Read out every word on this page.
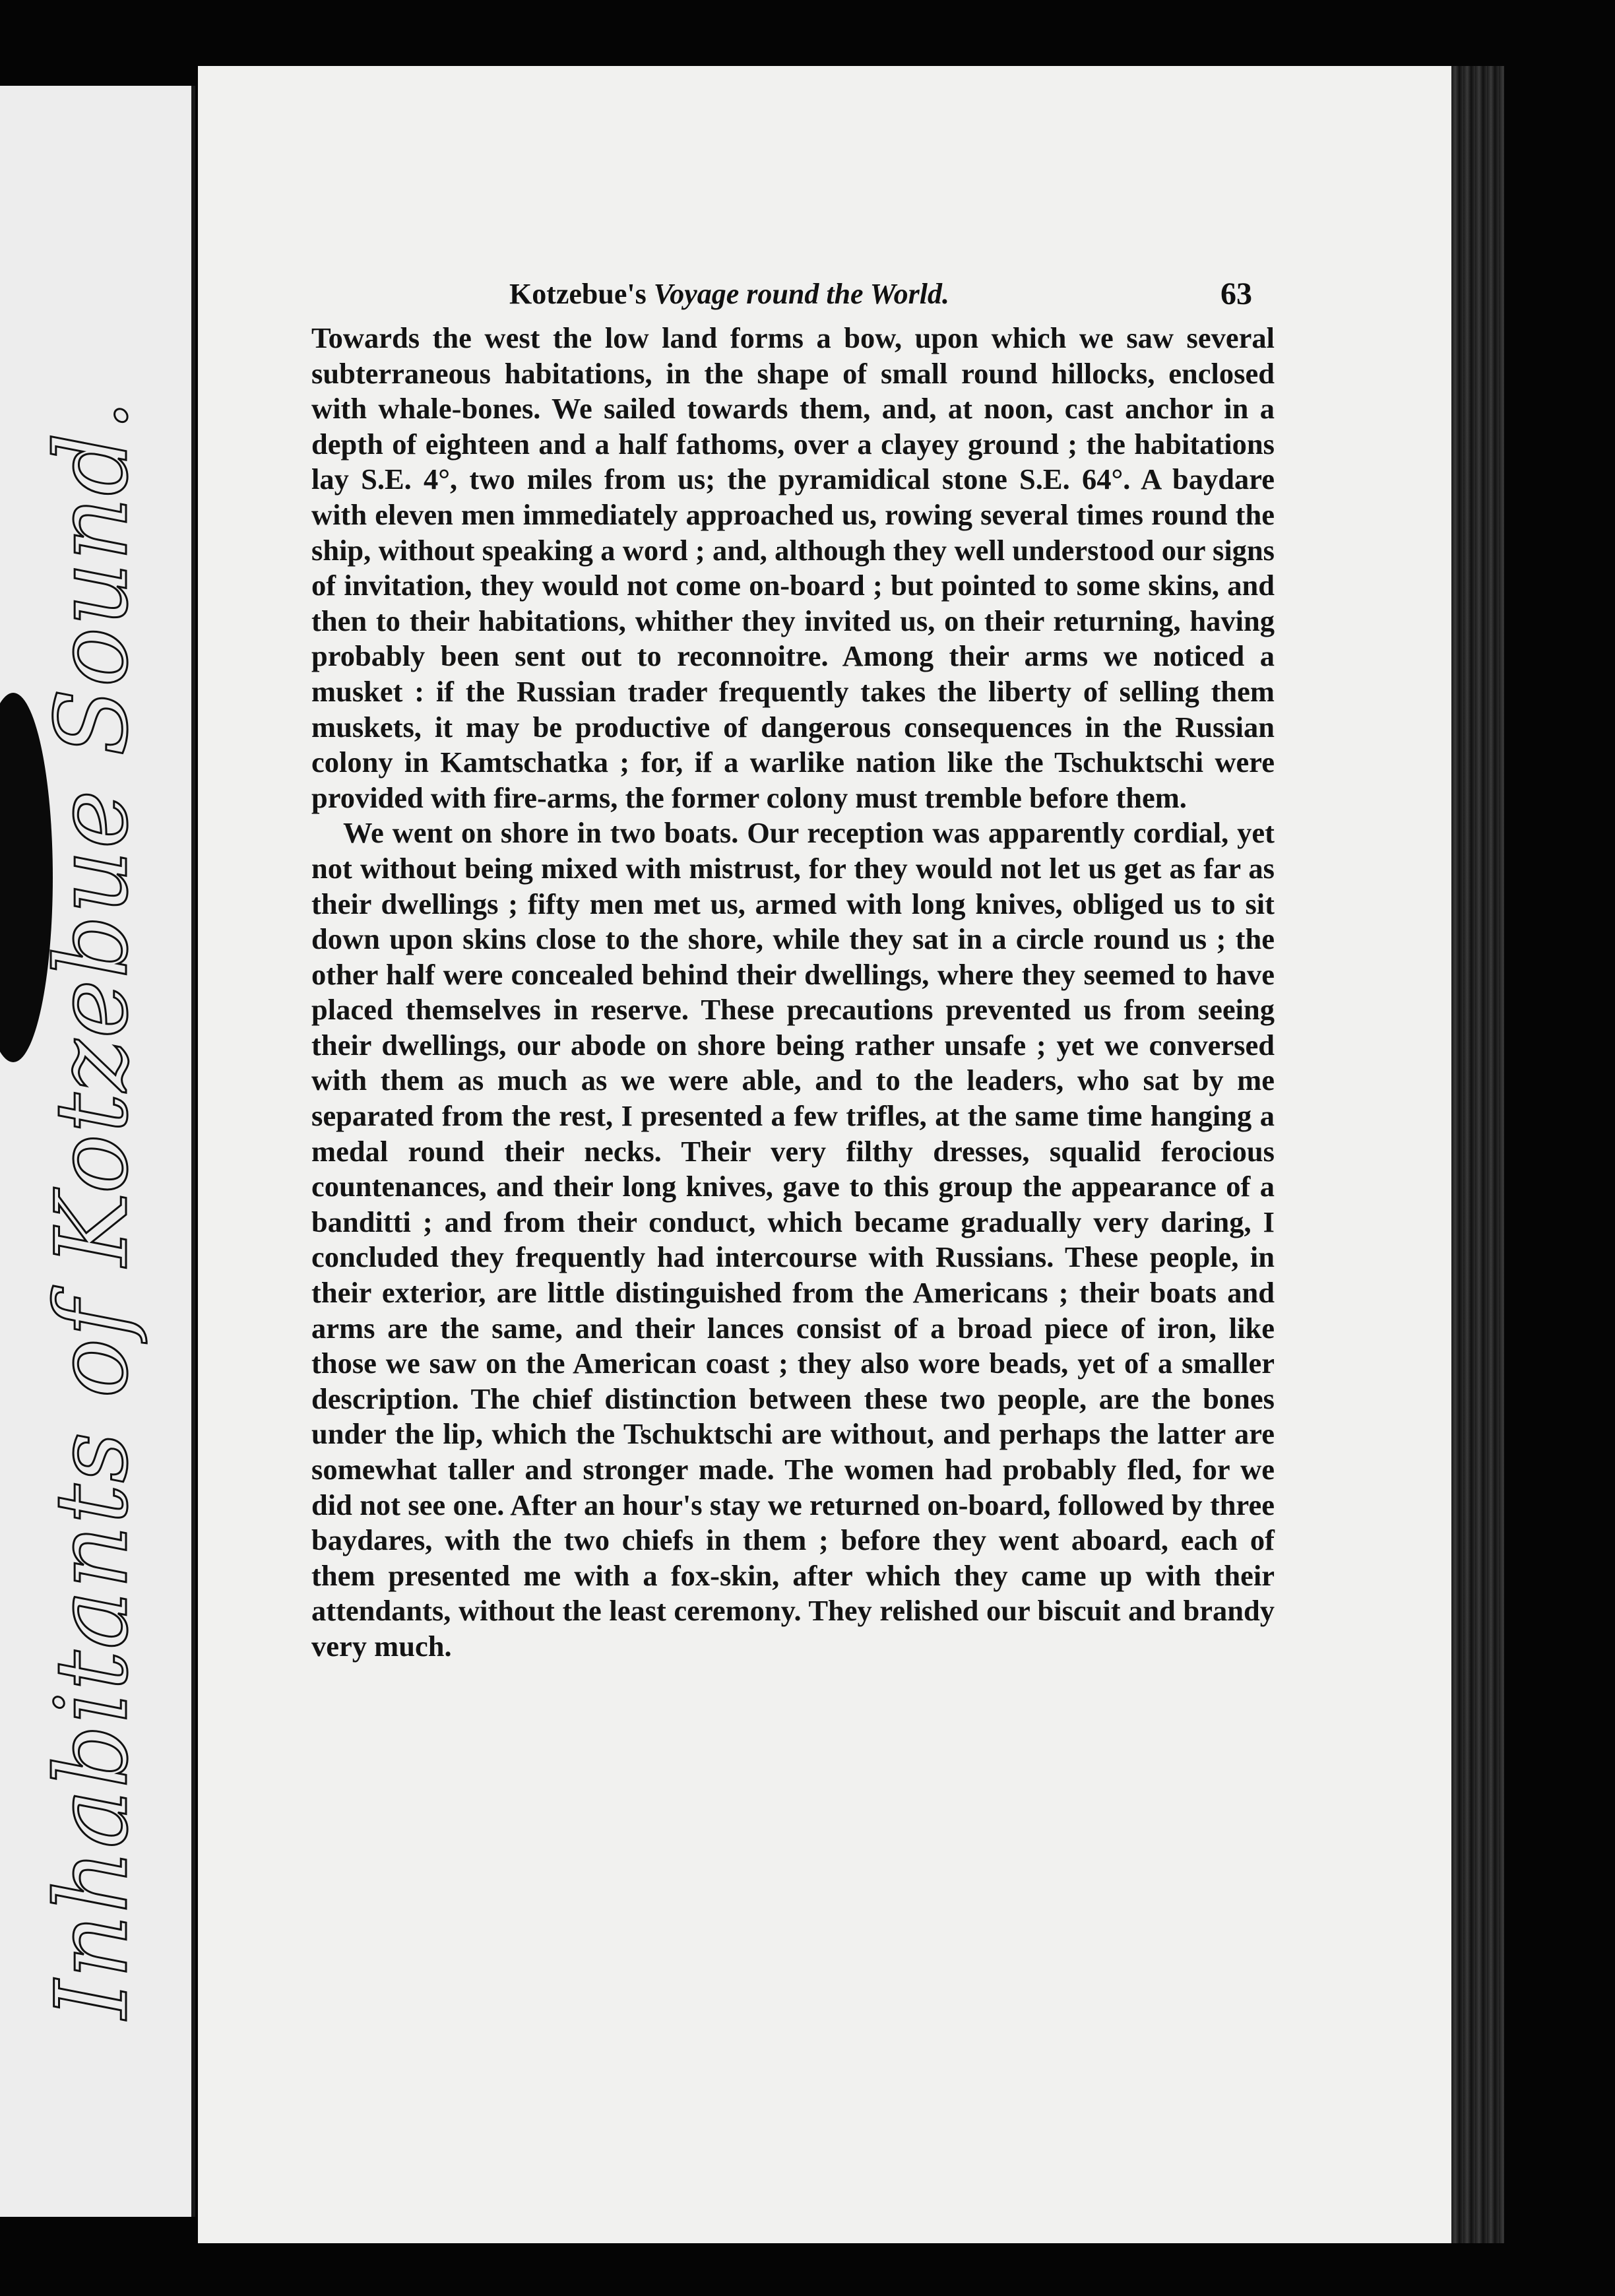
Inhabitants of Kotzebue Sound.
Kotzebue's Voyage round the World.	63

Towards the west the low land forms a bow, upon which we saw several subterraneous habitations, in the shape of small round hillocks, enclosed with whale-bones. We sailed towards them, and, at noon, cast anchor in a depth of eighteen and a half fathoms, over a clayey ground ; the habitations lay S.E. 4°, two miles from us; the pyramidical stone S.E. 64°. A baydare with eleven men immediately approached us, rowing several times round the ship, without speaking a word ; and, although they well understood our signs of invitation, they would not come on-board ; but pointed to some skins, and then to their habitations, whither they invited us, on their returning, having probably been sent out to reconnoitre. Among their arms we noticed a musket : if the Russian trader frequently takes the liberty of selling them muskets, it may be productive of dangerous consequences in the Russian colony in Kamtschatka ; for, if a warlike nation like the Tschuktschi were provided with fire-arms, the former colony must tremble before them.

We went on shore in two boats. Our reception was apparently cordial, yet not without being mixed with mistrust, for they would not let us get as far as their dwellings ; fifty men met us, armed with long knives, obliged us to sit down upon skins close to the shore, while they sat in a circle round us ; the other half were concealed behind their dwellings, where they seemed to have placed themselves in reserve. These precautions prevented us from seeing their dwellings, our abode on shore being rather unsafe ; yet we conversed with them as much as we were able, and to the leaders, who sat by me separated from the rest, I presented a few trifles, at the same time hanging a medal round their necks. Their very filthy dresses, squalid ferocious countenances, and their long knives, gave to this group the appearance of a banditti ; and from their conduct, which became gradually very daring, I concluded they frequently had intercourse with Russians. These people, in their exterior, are little distinguished from the Americans ; their boats and arms are the same, and their lances consist of a broad piece of iron, like those we saw on the American coast ; they also wore beads, yet of a smaller description. The chief distinction between these two people, are the bones under the lip, which the Tschuktschi are without, and perhaps the latter are somewhat taller and stronger made. The women had probably fled, for we did not see one. After an hour's stay we returned on-board, followed by three baydares, with the two chiefs in them ; before they went aboard, each of them presented me with a fox-skin, after which they came up with their attendants, without the least ceremony. They relished our biscuit and brandy very much.
